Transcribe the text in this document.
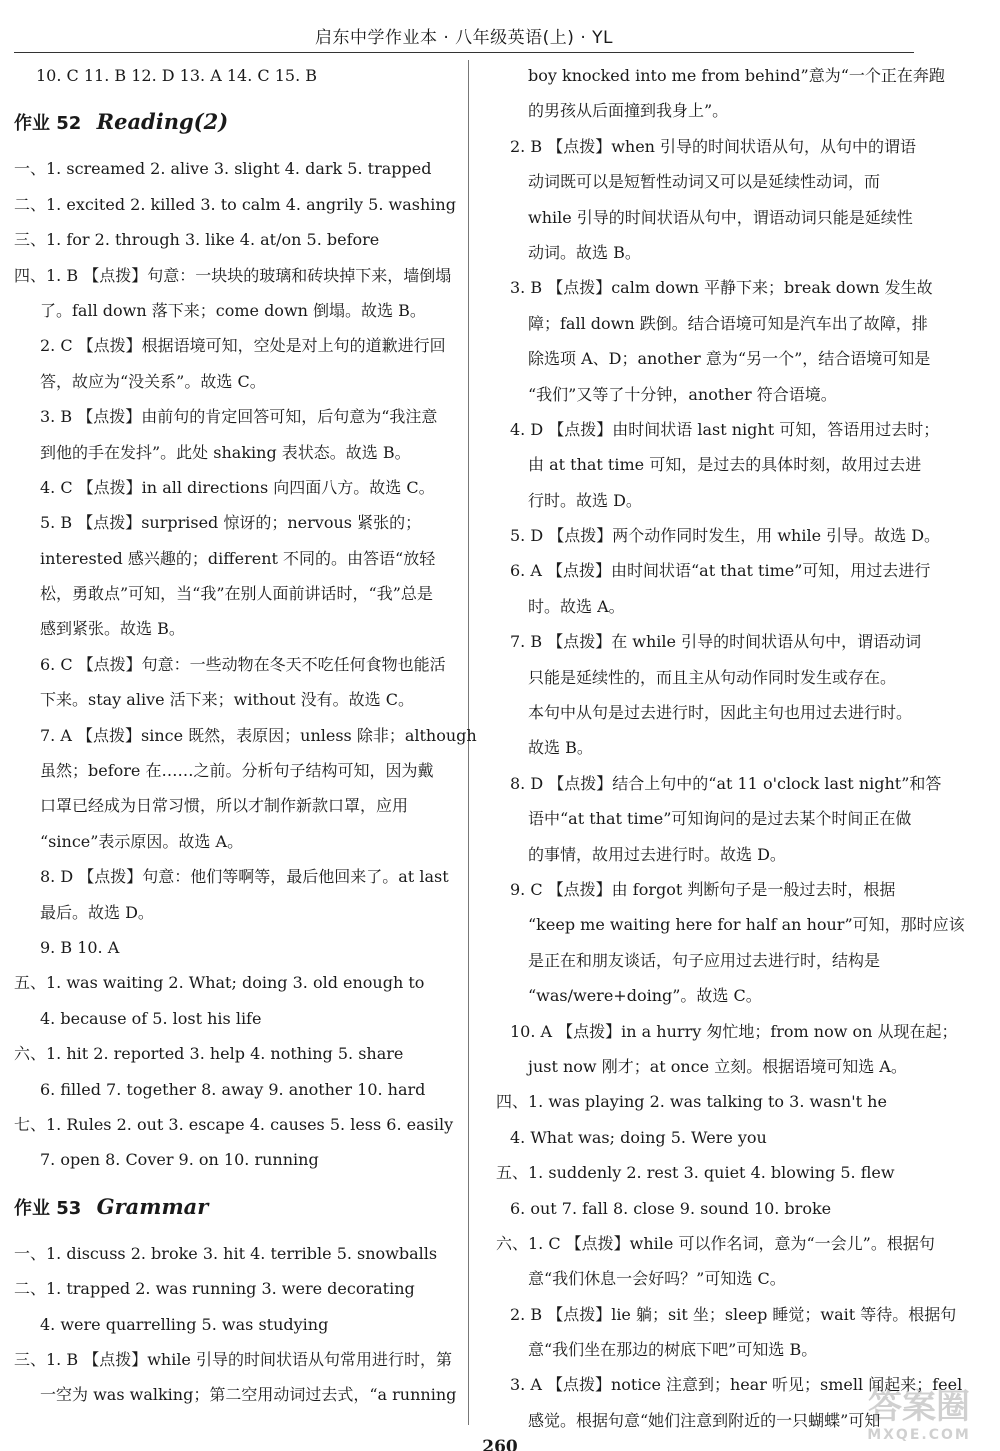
启东中学作业本 · 八年级英语(上) · YL
10. C 11. B 12. D 13. A 14. C 15. B
作业 52 Reading(2)
一、1. screamed 2. alive 3. slight 4. dark 5. trapped
二、1. excited 2. killed 3. to calm 4. angrily 5. washing
三、1. for 2. through 3. like 4. at/on 5. before
四、1. B 【点拨】句意：一块块的玻璃和砖块掉下来，墙倒塌
了。fall down 落下来；come down 倒塌。故选 B。
2. C 【点拨】根据语境可知，空处是对上句的道歉进行回
答，故应为“没关系”。故选 C。
3. B 【点拨】由前句的肯定回答可知，后句意为“我注意
到他的手在发抖”。此处 shaking 表状态。故选 B。
4. C 【点拨】in all directions 向四面八方。故选 C。
5. B 【点拨】surprised 惊讶的；nervous 紧张的；
interested 感兴趣的；different 不同的。由答语“放轻
松，勇敢点”可知，当“我”在别人面前讲话时，“我”总是
感到紧张。故选 B。
6. C 【点拨】句意：一些动物在冬天不吃任何食物也能活
下来。stay alive 活下来；without 没有。故选 C。
7. A 【点拨】since 既然，表原因；unless 除非；although
虽然；before 在……之前。分析句子结构可知，因为戴
口罩已经成为日常习惯，所以才制作新款口罩，应用
“since”表示原因。故选 A。
8. D 【点拨】句意：他们等啊等，最后他回来了。at last
最后。故选 D。
9. B 10. A
五、1. was waiting 2. What; doing 3. old enough to
4. because of 5. lost his life
六、1. hit 2. reported 3. help 4. nothing 5. share
6. filled 7. together 8. away 9. another 10. hard
七、1. Rules 2. out 3. escape 4. causes 5. less 6. easily
7. open 8. Cover 9. on 10. running
作业 53 Grammar
一、1. discuss 2. broke 3. hit 4. terrible 5. snowballs
二、1. trapped 2. was running 3. were decorating
4. were quarrelling 5. was studying
三、1. B 【点拨】while 引导的时间状语从句常用进行时，第
一空为 was walking；第二空用动词过去式，“a running
boy knocked into me from behind”意为“一个正在奔跑
的男孩从后面撞到我身上”。
2. B 【点拨】when 引导的时间状语从句，从句中的谓语
动词既可以是短暂性动词又可以是延续性动词，而
while 引导的时间状语从句中，谓语动词只能是延续性
动词。故选 B。
3. B 【点拨】calm down 平静下来；break down 发生故
障；fall down 跌倒。结合语境可知是汽车出了故障，排
除选项 A、D；another 意为“另一个”，结合语境可知是
“我们”又等了十分钟，another 符合语境。
4. D 【点拨】由时间状语 last night 可知，答语用过去时；
由 at that time 可知，是过去的具体时刻，故用过去进
行时。故选 D。
5. D 【点拨】两个动作同时发生，用 while 引导。故选 D。
6. A 【点拨】由时间状语“at that time”可知，用过去进行
时。故选 A。
7. B 【点拨】在 while 引导的时间状语从句中，谓语动词
只能是延续性的，而且主从句动作同时发生或存在。
本句中从句是过去进行时，因此主句也用过去进行时。
故选 B。
8. D 【点拨】结合上句中的“at 11 o'clock last night”和答
语中“at that time”可知询问的是过去某个时间正在做
的事情，故用过去进行时。故选 D。
9. C 【点拨】由 forgot 判断句子是一般过去时，根据
“keep me waiting here for half an hour”可知，那时应该
是正在和朋友谈话，句子应用过去进行时，结构是
“was/were+doing”。故选 C。
10. A 【点拨】in a hurry 匆忙地；from now on 从现在起；
just now 刚才；at once 立刻。根据语境可知选 A。
四、1. was playing 2. was talking to 3. wasn't he
4. What was; doing 5. Were you
五、1. suddenly 2. rest 3. quiet 4. blowing 5. flew
6. out 7. fall 8. close 9. sound 10. broke
六、1. C 【点拨】while 可以作名词，意为“一会儿”。根据句
意“我们休息一会好吗？”可知选 C。
2. B 【点拨】lie 躺；sit 坐；sleep 睡觉；wait 等待。根据句
意“我们坐在那边的树底下吧”可知选 B。
3. A 【点拨】notice 注意到；hear 听见；smell 闻起来；feel
感觉。根据句意“她们注意到附近的一只蝴蝶”可知
260
答案圈
MXQE.COM
